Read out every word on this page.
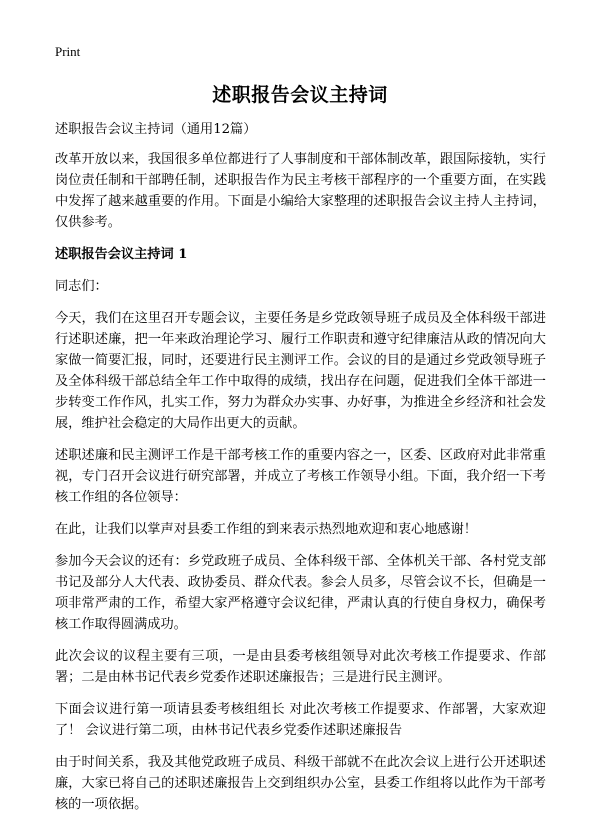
Print
述职报告会议主持词

述职报告会议主持词（通用12篇）

改革开放以来，我国很多单位都进行了人事制度和干部体制改革，跟国际接轨，实行岗位责任制和干部聘任制，述职报告作为民主考核干部程序的一个重要方面，在实践中发挥了越来越重要的作用。下面是小编给大家整理的述职报告会议主持人主持词，仅供参考。

述职报告会议主持词 1

同志们：

今天，我们在这里召开专题会议，主要任务是乡党政领导班子成员及全体科级干部进行述职述廉，把一年来政治理论学习、履行工作职责和遵守纪律廉洁从政的情况向大家做一简要汇报，同时，还要进行民主测评工作。会议的目的是通过乡党政领导班子及全体科级干部总结全年工作中取得的成绩，找出存在问题，促进我们全体干部进一步转变工作作风，扎实工作，努力为群众办实事、办好事，为推进全乡经济和社会发展，维护社会稳定的大局作出更大的贡献。

述职述廉和民主测评工作是干部考核工作的重要内容之一，区委、区政府对此非常重视，专门召开会议进行研究部署，并成立了考核工作领导小组。下面，我介绍一下考核工作组的各位领导：

在此，让我们以掌声对县委工作组的到来表示热烈地欢迎和衷心地感谢！

参加今天会议的还有：乡党政班子成员、全体科级干部、全体机关干部、各村党支部书记及部分人大代表、政协委员、群众代表。参会人员多，尽管会议不长，但确是一项非常严肃的工作，希望大家严格遵守会议纪律，严肃认真的行使自身权力，确保考核工作取得圆满成功。

此次会议的议程主要有三项，一是由县委考核组领导对此次考核工作提要求、作部署；二是由林书记代表乡党委作述职述廉报告；三是进行民主测评。

下面会议进行第一项请县委考核组组长 对此次考核工作提要求、作部署，大家欢迎了！ 会议进行第二项，由林书记代表乡党委作述职述廉报告

由于时间关系，我及其他党政班子成员、科级干部就不在此次会议上进行公开述职述廉，大家已将自己的述职述廉报告上交到组织办公室，县委工作组将以此作为干部考核的一项依据。
